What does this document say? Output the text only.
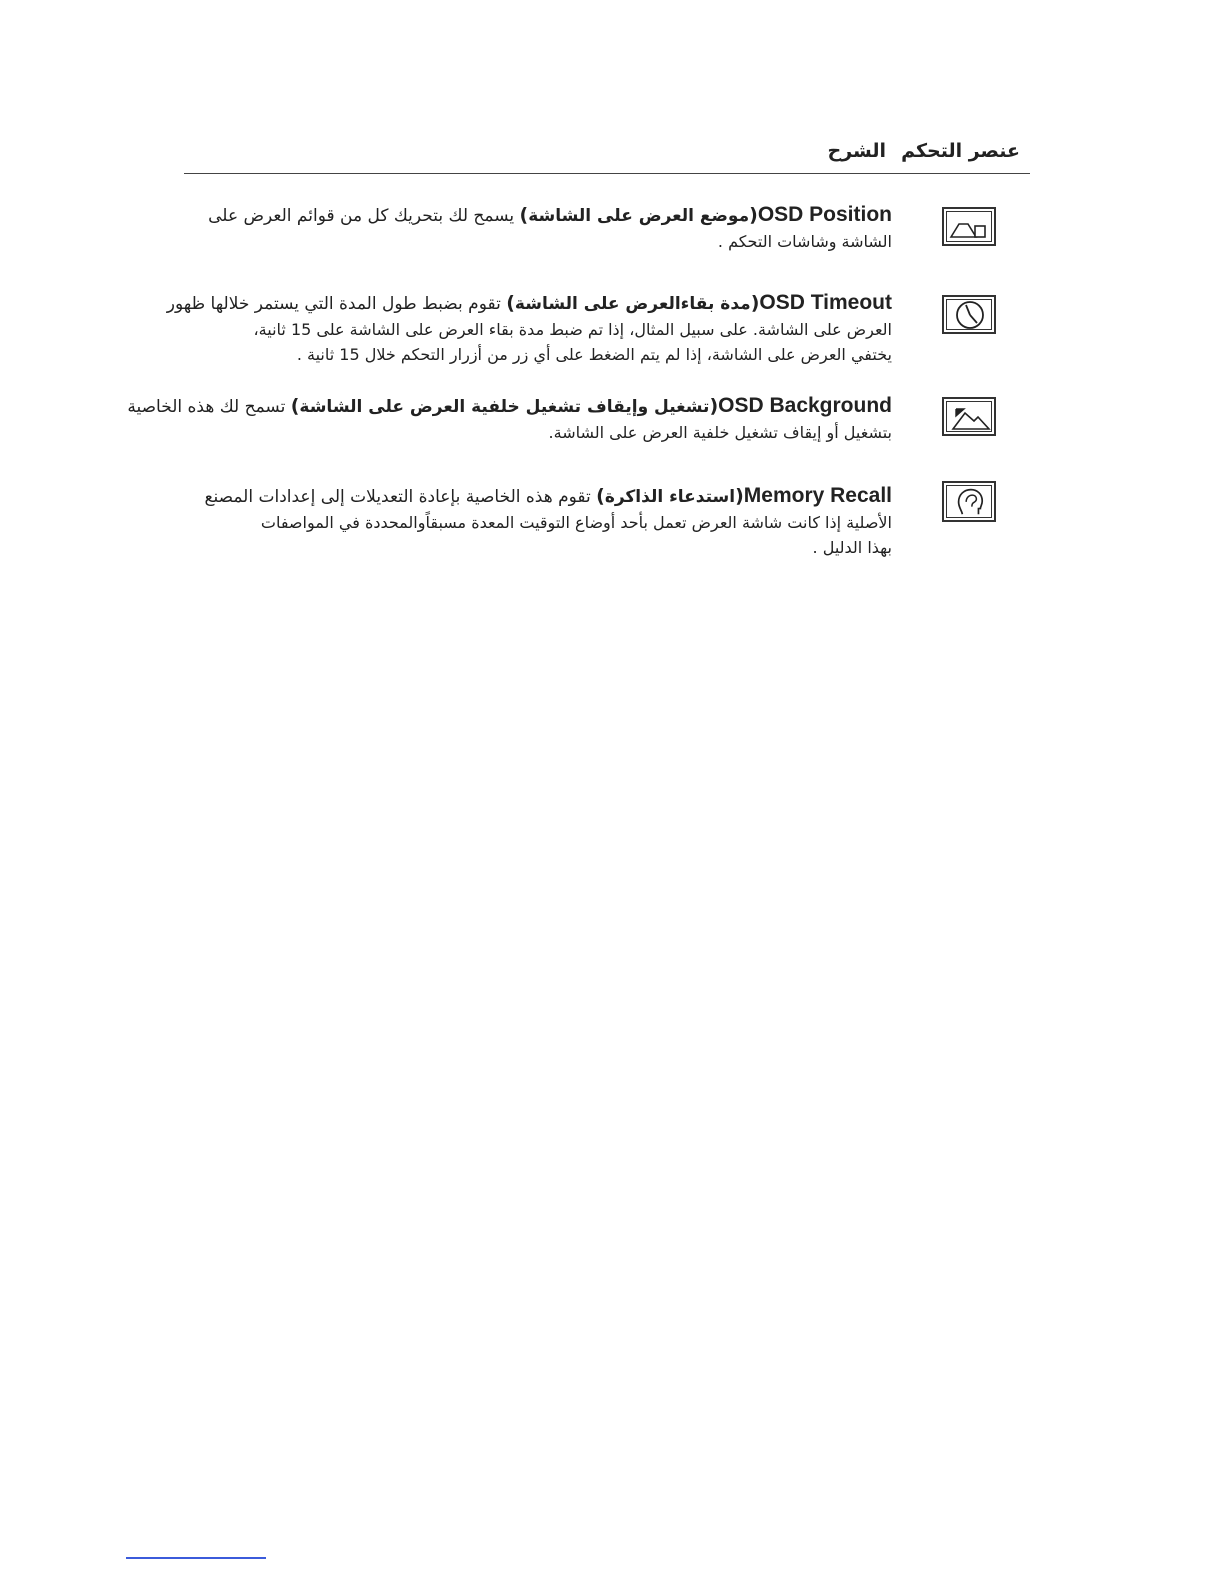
عنصر التحكم
الشرح
OSD Position(موضع العرض على الشاشة) يسمح لك بتحريك كل من قوائم العرض على
الشاشة وشاشات التحكم .
OSD Timeout(مدة بقاءالعرض على الشاشة) تقوم بضبط طول المدة التي يستمر خلالها ظهور
العرض على الشاشة. على سبيل المثال، إذا تم ضبط مدة بقاء العرض على الشاشة على 15 ثانية،
يختفي العرض على الشاشة، إذا لم يتم الضغط على أي زر من أزرار التحكم خلال 15 ثانية .
OSD Background(تشغيل وإيقاف تشغيل خلفية العرض على الشاشة) تسمح لك هذه الخاصية
بتشغيل أو إيقاف تشغيل خلفية العرض على الشاشة.
Memory Recall(استدعاء الذاكرة) تقوم هذه الخاصية بإعادة التعديلات إلى إعدادات المصنع
الأصلية إذا كانت شاشة العرض تعمل بأحد أوضاع التوقيت المعدة مسبقاًوالمحددة في المواصفات
بهذا الدليل .
